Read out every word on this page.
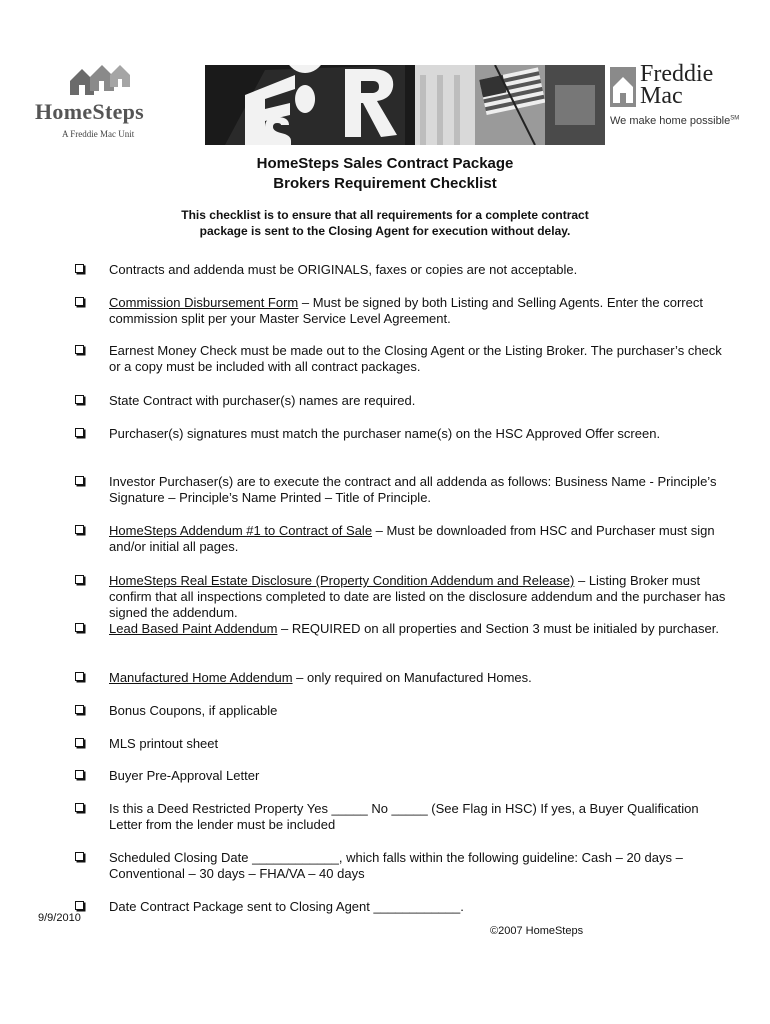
HomeSteps
A Freddie Mac Unit
Freddie
Mac
We make home possible℠
HomeSteps Sales Contract Package
Brokers Requirement Checklist
This checklist is to ensure that all requirements for a complete contract
package is sent to the Closing Agent for execution without delay.
Contracts and addenda must be ORIGINALS, faxes or copies are not acceptable.
Commission Disbursement Form – Must be signed by both Listing and Selling Agents. Enter the correct commission split per your Master Service Level Agreement.
Earnest Money Check must be made out to the Closing Agent or the Listing Broker. The purchaser’s check or a copy must be included with all contract packages.
State Contract with purchaser(s) names are required.
Purchaser(s) signatures must match the purchaser name(s) on the HSC Approved Offer screen.
Investor Purchaser(s) are to execute the contract and all addenda as follows: Business Name - Principle’s Signature – Principle’s Name Printed – Title of Principle.
HomeSteps Addendum #1 to Contract of Sale – Must be downloaded from HSC and Purchaser must sign and/or initial all pages.
HomeSteps Real Estate Disclosure (Property Condition Addendum and Release) – Listing Broker must confirm that all inspections completed to date are listed on the disclosure addendum and the purchaser has signed the addendum.
Lead Based Paint Addendum – REQUIRED on all properties and Section 3 must be initialed by purchaser.
Manufactured Home Addendum – only required on Manufactured Homes.
Bonus Coupons, if applicable
MLS printout sheet
Buyer Pre-Approval Letter
Is this a Deed Restricted Property Yes _____ No _____ (See Flag in HSC) If yes, a Buyer Qualification Letter from the lender must be included
Scheduled Closing Date ____________, which falls within the following guideline: Cash – 20 days – Conventional – 30 days – FHA/VA – 40 days
Date Contract Package sent to Closing Agent ____________.
9/9/2010
©2007 HomeSteps
